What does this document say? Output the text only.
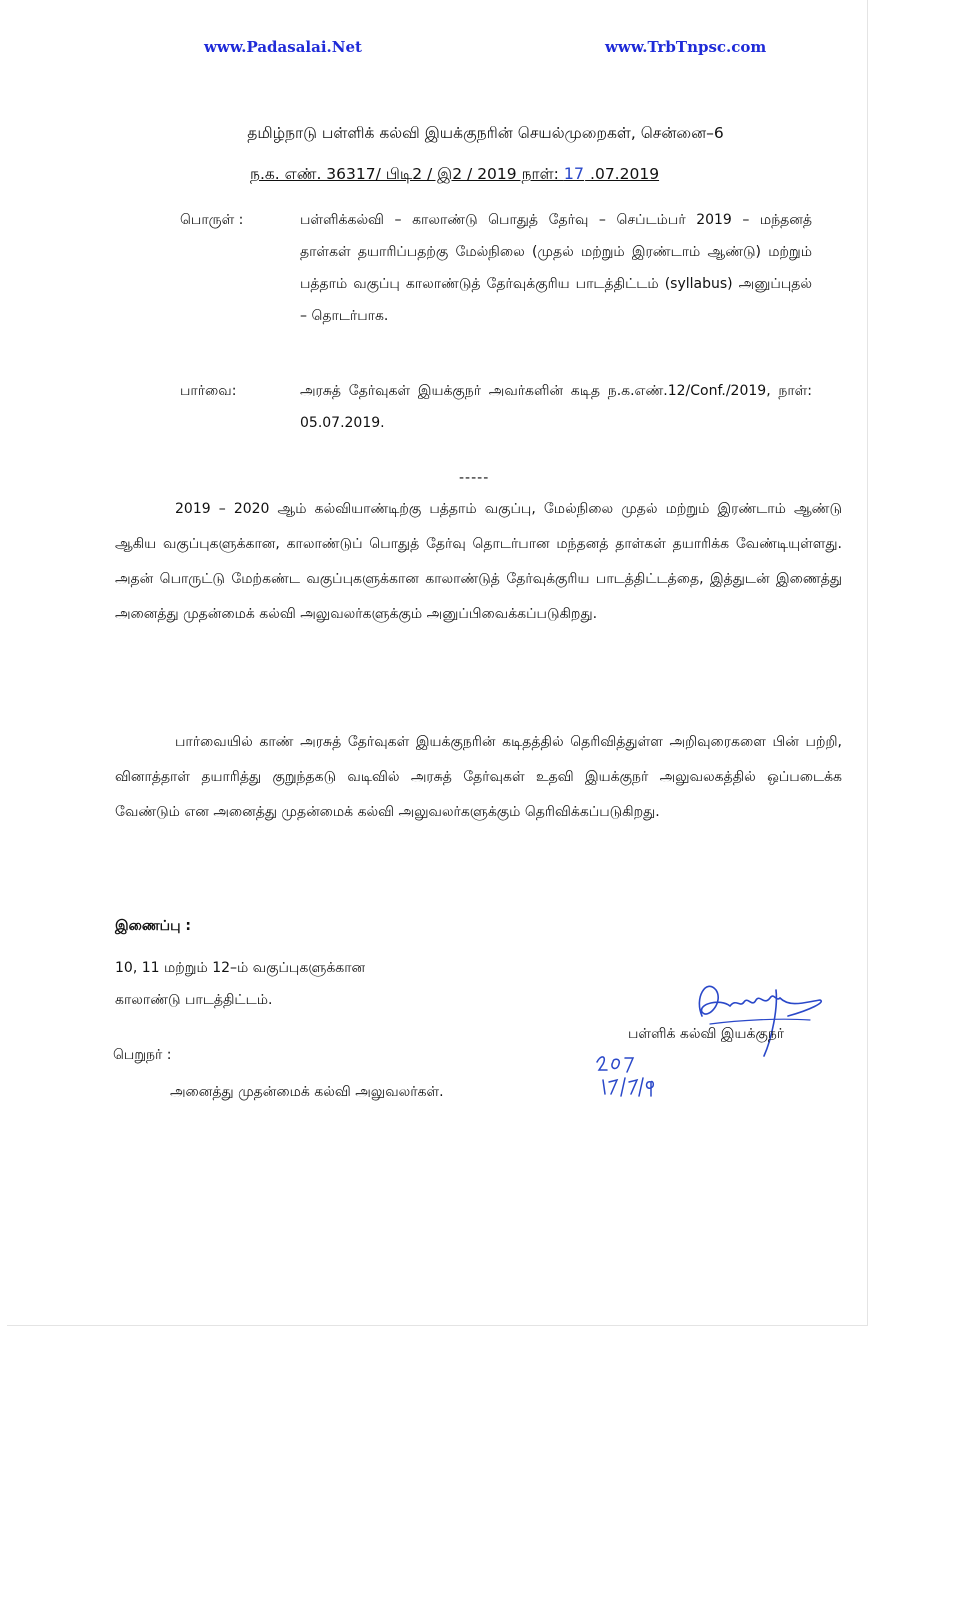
www.Padasalai.Net	www.TrbTnpsc.com
தமிழ்நாடு பள்ளிக் கல்வி இயக்குநரின் செயல்முறைகள், சென்னை–6
ந.க. எண். 36317/ பிடி2 / இ2 / 2019 நாள்: 17 .07.2019
பொருள் :	பள்ளிக்கல்வி – காலாண்டு பொதுத் தேர்வு – செப்டம்பர் 2019 – மந்தனத் தாள்கள் தயாரிப்பதற்கு மேல்நிலை (முதல் மற்றும் இரண்டாம் ஆண்டு) மற்றும் பத்தாம் வகுப்பு காலாண்டுத் தேர்வுக்குரிய பாடத்திட்டம் (syllabus) அனுப்புதல் – தொடர்பாக.
பார்வை:	அரசுத் தேர்வுகள் இயக்குநர் அவர்களின் கடித ந.க.எண்.12/Conf./2019, நாள்: 05.07.2019.
-----
2019 – 2020 ஆம் கல்வியாண்டிற்கு பத்தாம் வகுப்பு, மேல்நிலை முதல் மற்றும் இரண்டாம் ஆண்டு ஆகிய வகுப்புகளுக்கான, காலாண்டுப் பொதுத் தேர்வு தொடர்பான மந்தனத் தாள்கள் தயாரிக்க வேண்டியுள்ளது. அதன் பொருட்டு மேற்கண்ட வகுப்புகளுக்கான காலாண்டுத் தேர்வுக்குரிய பாடத்திட்டத்தை, இத்துடன் இணைத்து அனைத்து முதன்மைக் கல்வி அலுவலர்களுக்கும் அனுப்பிவைக்கப்படுகிறது.
பார்வையில் காண் அரசுத் தேர்வுகள் இயக்குநரின் கடிதத்தில் தெரிவித்துள்ள அறிவுரைகளை பின் பற்றி, வினாத்தாள் தயாரித்து குறுந்தகடு வடிவில் அரசுத் தேர்வுகள் உதவி இயக்குநர் அலுவலகத்தில் ஒப்படைக்க வேண்டும் என அனைத்து முதன்மைக் கல்வி அலுவலர்களுக்கும் தெரிவிக்கப்படுகிறது.
இணைப்பு :
10, 11 மற்றும் 12–ம் வகுப்புகளுக்கான
காலாண்டு பாடத்திட்டம்.
பள்ளிக் கல்வி இயக்குநர்
பெறுநர் :
அனைத்து முதன்மைக் கல்வி அலுவலர்கள்.
